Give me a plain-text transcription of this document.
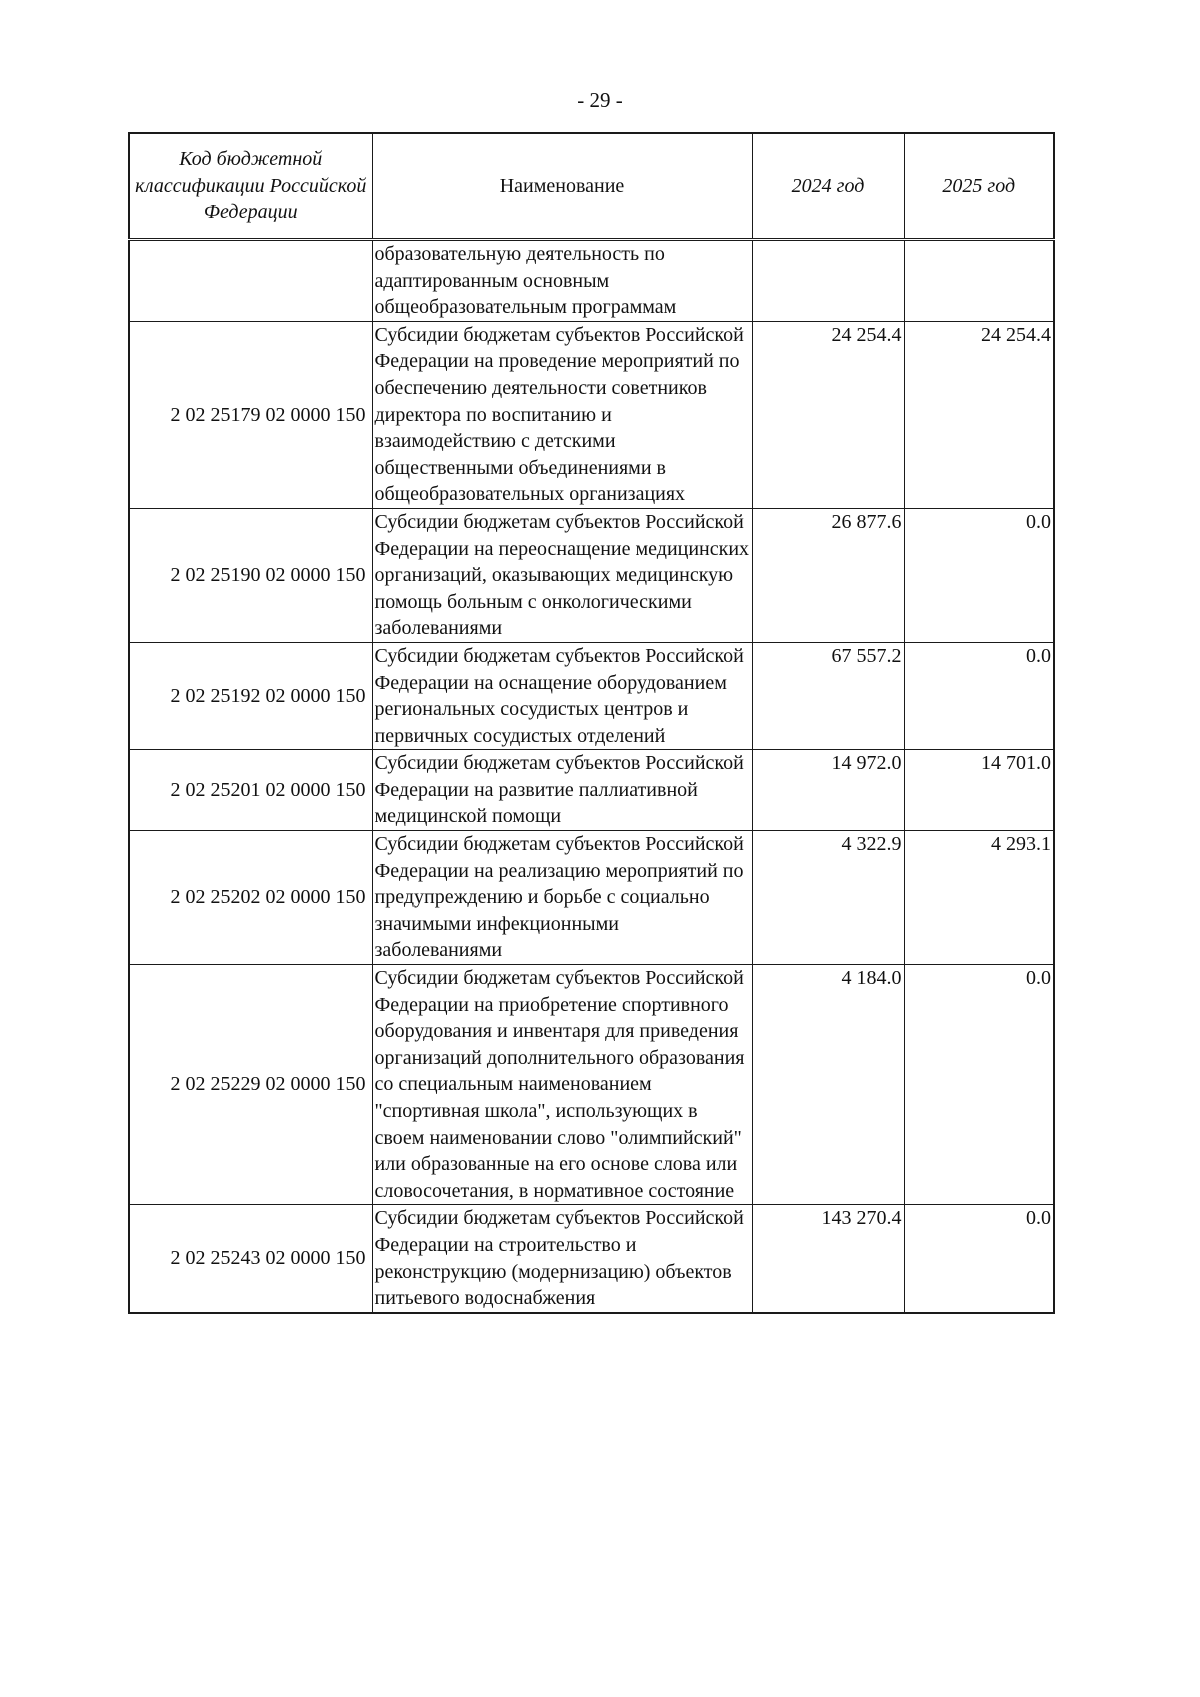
- 29 -
Код бюджетной классификации Российской Федерации	Наименование	2024 год	2025 год

	образовательную деятельность по адаптированным основным общеобразовательным программам		
2 02 25179 02 0000 150	Субсидии бюджетам субъектов Российской Федерации на проведение мероприятий по обеспечению деятельности советников директора по воспитанию и взаимодействию с детскими общественными объединениями в общеобразовательных организациях	24 254.4	24 254.4
2 02 25190 02 0000 150	Субсидии бюджетам субъектов Российской Федерации на переоснащение медицинских организаций, оказывающих медицинскую помощь больным с онкологическими заболеваниями	26 877.6	0.0
2 02 25192 02 0000 150	Субсидии бюджетам субъектов Российской Федерации на оснащение оборудованием региональных сосудистых центров и первичных сосудистых отделений	67 557.2	0.0
2 02 25201 02 0000 150	Субсидии бюджетам субъектов Российской Федерации на развитие паллиативной медицинской помощи	14 972.0	14 701.0
2 02 25202 02 0000 150	Субсидии бюджетам субъектов Российской Федерации на реализацию мероприятий по предупреждению и борьбе с социально значимыми инфекционными заболеваниями	4 322.9	4 293.1
2 02 25229 02 0000 150	Субсидии бюджетам субъектов Российской Федерации на приобретение спортивного оборудования и инвентаря для приведения организаций дополнительного образования со специальным наименованием "спортивная школа", использующих в своем наименовании слово "олимпийский" или образованные на его основе слова или словосочетания, в нормативное состояние	4 184.0	0.0
2 02 25243 02 0000 150	Субсидии бюджетам субъектов Российской Федерации на строительство и реконструкцию (модернизацию) объектов питьевого водоснабжения	143 270.4	0.0
